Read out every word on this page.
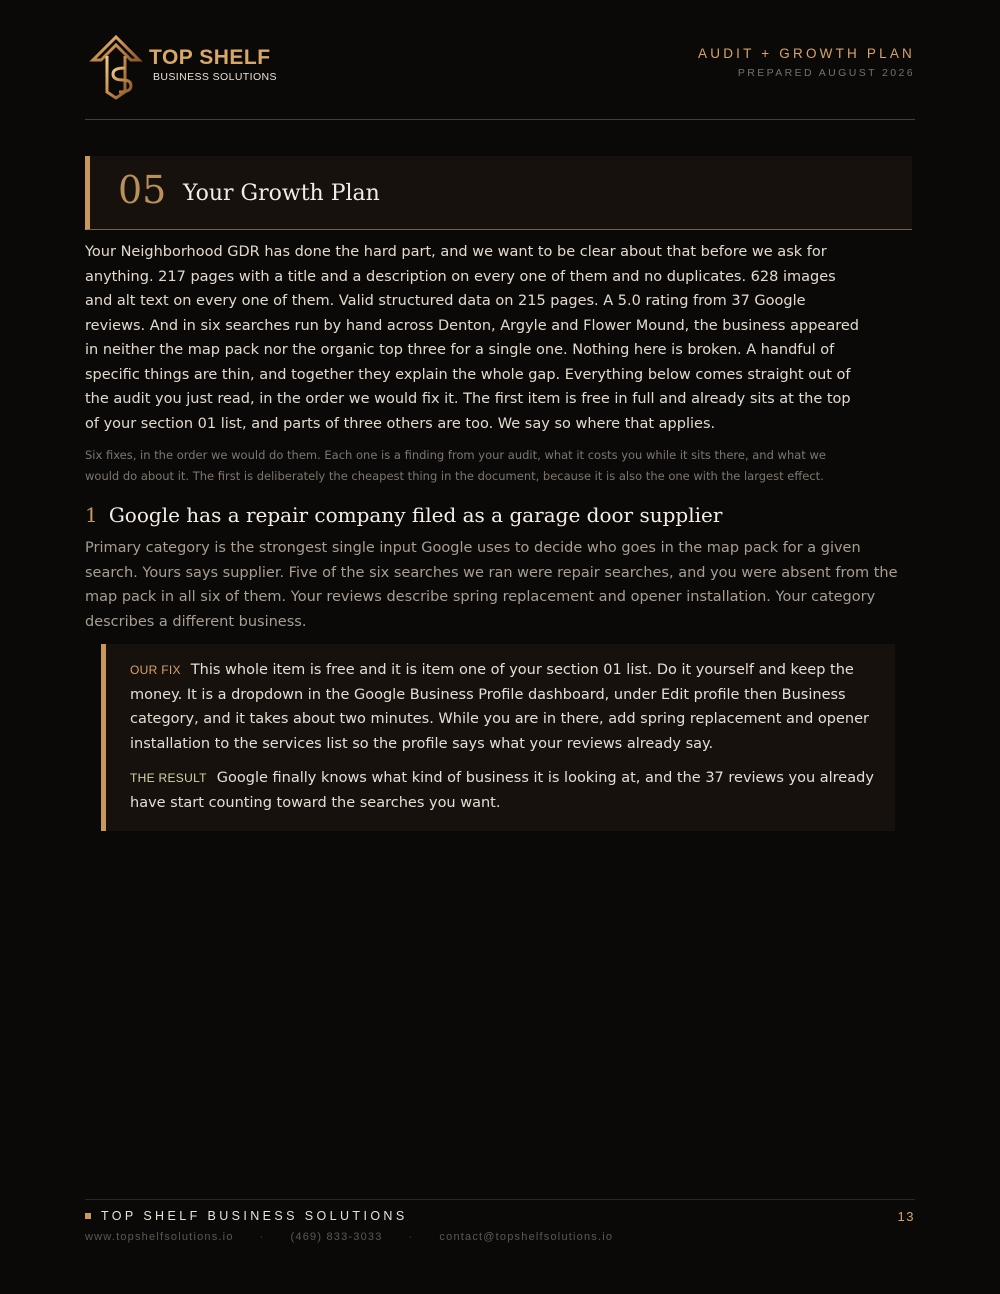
TOP SHELF
BUSINESS SOLUTIONS
AUDIT + GROWTH PLAN
PREPARED AUGUST 2026
05 Your Growth Plan

Your Neighborhood GDR has done the hard part, and we want to be clear about that before we ask for anything. 217 pages with a title and a description on every one of them and no duplicates. 628 images and alt text on every one of them. Valid structured data on 215 pages. A 5.0 rating from 37 Google reviews. And in six searches run by hand across Denton, Argyle and Flower Mound, the business appeared in neither the map pack nor the organic top three for a single one. Nothing here is broken. A handful of specific things are thin, and together they explain the whole gap. Everything below comes straight out of the audit you just read, in the order we would fix it. The first item is free in full and already sits at the top of your section 01 list, and parts of three others are too. We say so where that applies.

Six fixes, in the order we would do them. Each one is a finding from your audit, what it costs you while it sits there, and what we would do about it. The first is deliberately the cheapest thing in the document, because it is also the one with the largest effect.

1 Google has a repair company filed as a garage door supplier

Primary category is the strongest single input Google uses to decide who goes in the map pack for a given search. Yours says supplier. Five of the six searches we ran were repair searches, and you were absent from the map pack in all six of them. Your reviews describe spring replacement and opener installation. Your category describes a different business.

OUR FIX This whole item is free and it is item one of your section 01 list. Do it yourself and keep the money. It is a dropdown in the Google Business Profile dashboard, under Edit profile then Business category, and it takes about two minutes. While you are in there, add spring replacement and opener installation to the services list so the profile says what your reviews already say.

THE RESULT Google finally knows what kind of business it is looking at, and the 37 reviews you already have start counting toward the searches you want.

TOP SHELF BUSINESS SOLUTIONS	13
www.topshelfsolutions.io · (469) 833-3033 · contact@topshelfsolutions.io
